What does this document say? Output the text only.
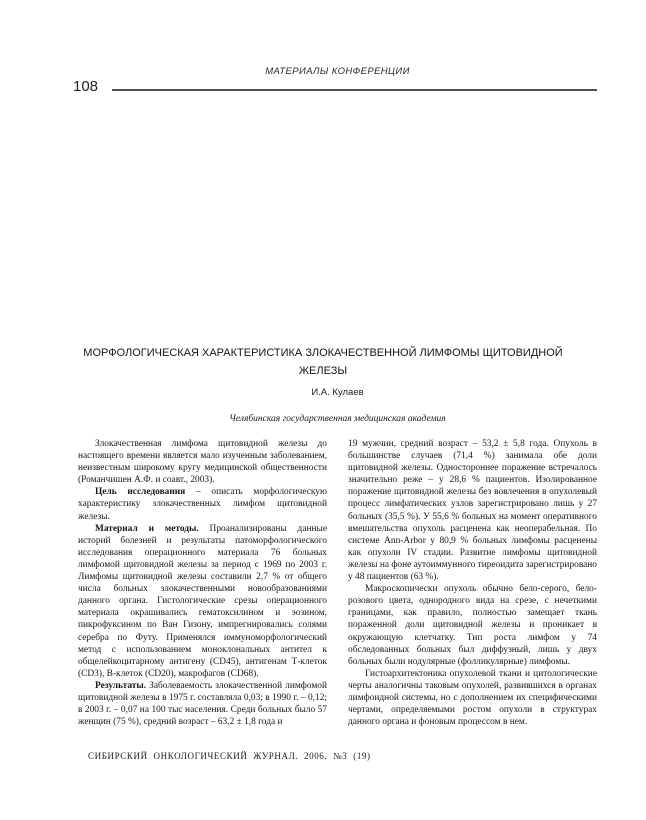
МАТЕРИАЛЫ КОНФЕРЕНЦИИ
108
МОРФОЛОГИЧЕСКАЯ ХАРАКТЕРИСТИКА ЗЛОКАЧЕСТВЕННОЙ ЛИМФОМЫ ЩИТОВИДНОЙ
ЖЕЛЕЗЫ
И.А. Кулаев
Челябинская государственная медицинская академия

Злокачественная лимфома щитовидной железы до настоящего времени является мало изученным заболеванием, неизвестным широкому кругу медицинской общественности (Романчишен А.Ф. и соавт., 2003).

Цель исследования – описать морфологическую характеристику злокачественных лимфом щитовидной железы.

Материал и методы. Проанализированы данные историй болезней и результаты патоморфологического исследования операционного материала 76 больных лимфомой щитовидной железы за период с 1969 по 2003 г. Лимфомы щитовидной железы составили 2,7 % от общего числа больных злокачественными новообразованиями данного органа. Гистологические срезы операционного материала окрашивались гематоксилином и эозином, пикрофуксином по Ван Гизону, импрегнировались солями серебра по Футу. Применялся иммуноморфологический метод с использованием моноклональных антител к общелейкоцитарному антигену (CD45), антигенам Т-клеток (CD3), В-клеток (CD20), макрофагов (CD68).

Результаты. Заболеваемость злокачественной лимфомой щитовидной железы в 1975 г. составляла 0,03; в 1990 г. – 0,12; в 2003 г. – 0,07 на 100 тыс населения. Среди больных было 57 женщин (75 %), средний возраст – 63,2 ± 1,8 года и

19 мужчин, средний возраст – 53,2 ± 5,8 года. Опухоль в большинстве случаев (71,4 %) занимала обе доли щитовидной железы. Одностороннее поражение встречалось значительно реже – у 28,6 % пациентов. Изолированное поражение щитовидной железы без вовлечения в опухолевый процесс лимфатических узлов зарегистрировано лишь у 27 больных (35,5 %). У 55,6 % больных на момент оперативного вмешательства опухоль расценена как неоперабельная. По системе Ann-Arbor у 80,9 % больных лимфомы расценены как опухоли IV стадии. Развитие лимфомы щитовидной железы на фоне аутоиммунного тиреоидита зарегистрировано у 48 пациентов (63 %).

Макроскопически опухоль обычно бело-серого, бело-розового цвета, однородного вида на срезе, с нечеткими границами, как правило, полностью замещает ткань пораженной доли щитовидной железы и проникает в окружающую клетчатку. Тип роста лимфом у 74 обследованных больных был диффузный, лишь у двух больных были нодулярные (фолликулярные) лимфомы.

Гистоархитектоника опухолевой ткани и цитологические черты аналогичны таковым опухолей, развившихся в органах лимфоидной системы, но с дополнением их специфическими чертами, определяемыми ростом опухоли в структурах данного органа и фоновым процессом в нем.

СИБИРСКИЙ ОНКОЛОГИЧЕСКИЙ ЖУРНАЛ. 2006. №3 (19)
